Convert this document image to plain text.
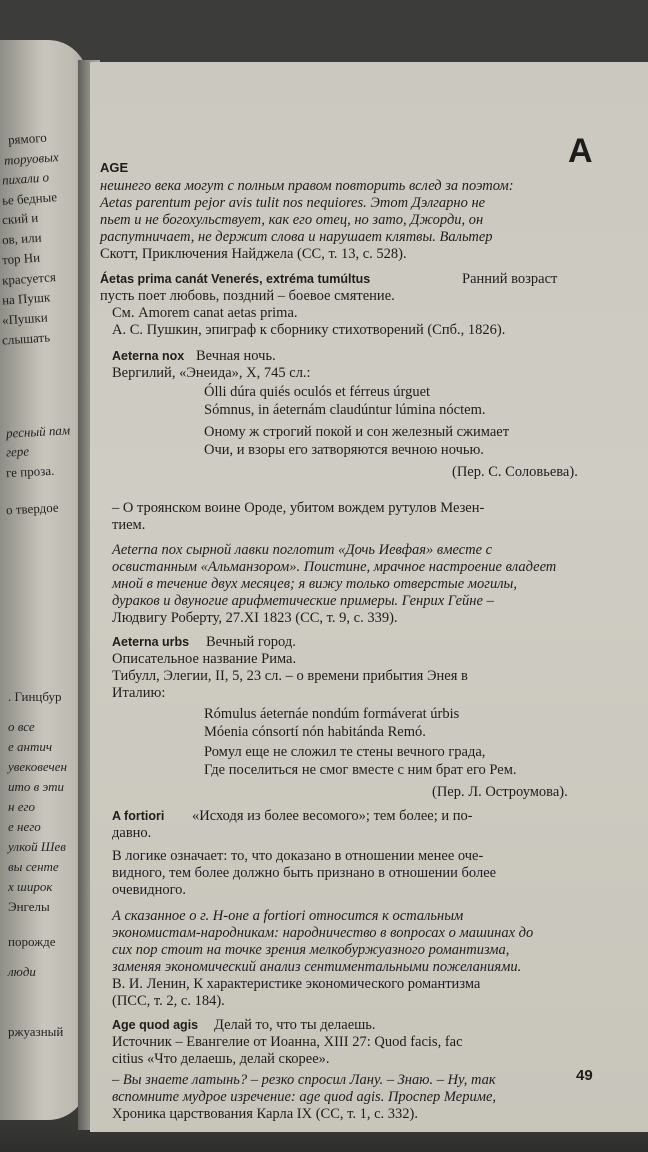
рямого
торуовых
пихали о
ье бедные
ский и
ов, или
тор Ни
красуется
на Пушк
«Пушки
слышать
ресный пам
гере
ге прозa.
о твердое
. Гинцбур
о все
е антич
увековечен
ито в эти
н его
е него
улкой Шев
вы сенте
х широк
Энгелы
порожде
люди
ржуазный
AGE	A
нешнего века могут с полным правом повторить вслед за поэтом:
Aetas parentum pejor avis tulit nos nequiores. Этот Дэлгарно не
пьет и не богохульствует, как его отец, но зато, Джорди, он
распутничает, не держит слова и нарушает клятвы. Вальтер
Скотт, Приключения Найджела (СС, т. 13, с. 528).
Áetas prima canát Venerés, extréma tumúltus	Ранний возраст
пусть поет любовь, поздний – боевое смятение.
См. Amorem canat aetas prima.
А. С. Пушкин, эпиграф к сборнику стихотворений (Спб., 1826).
Aeterna nox Вечная ночь.
Вергилий, «Энеида», X, 745 сл.:
Ólli dúra quiés oculós et férreus úrguet
Sómnus, in áeternám claudúntur lúmina nóctem.
Оному ж строгий покой и сон железный сжимает
Очи, и взоры его затворяются вечною ночью.
(Пер. С. Соловьева).
– О троянском воине Ороде, убитом вождем рутулов Мезен-
тием.
Aeterna nox сырной лавки поглотит «Дочь Иевфая» вместе с
освистанным «Альманзором». Поистине, мрачное настроение владеет
мной в течение двух месяцев; я вижу только отверстые могилы,
дураков и двуногие арифметические примеры. Генрих Гейне –
Людвигу Роберту, 27.XI 1823 (СС, т. 9, с. 339).
Aeterna urbs Вечный город.
Описательное название Рима.
Тибулл, Элегии, II, 5, 23 сл. – о времени прибытия Энея в
Италию:
Rómulus áeternáe nondúm formáverat úrbis
Móenia cónsortí nón habitánda Remó.
Ромул еще не сложил те стены вечного града,
Где поселиться не смог вместе с ним брат его Рем.
(Пер. Л. Остроумова).
A fortiori «Исходя из более весомого»; тем более; и по-
давно.
В логике означает: то, что доказано в отношении менее оче-
видного, тем более должно быть признано в отношении более
очевидного.
А сказанное о г. Н-оне a fortiori относится к остальным
экономистам-народникам: народничество в вопросах о машинах до
сих пор стоит на точке зрения мелкобуржуазного романтизма,
заменяя экономический анализ сентиментальными пожеланиями.
В. И. Ленин, К характеристике экономического романтизма
(ПСС, т. 2, с. 184).
Age quod agis Делай то, что ты делаешь.
Источник – Евангелие от Иоанна, XIII 27: Quod facis, fac
citius «Что делаешь, делай скорее».
– Вы знаете латынь? – резко спросил Лану. – Знаю. – Ну, так
вспомните мудрое изречение: age quod agis. Проспер Мериме,
Хроника царствования Карла IX (СС, т. 1, с. 332).
49
